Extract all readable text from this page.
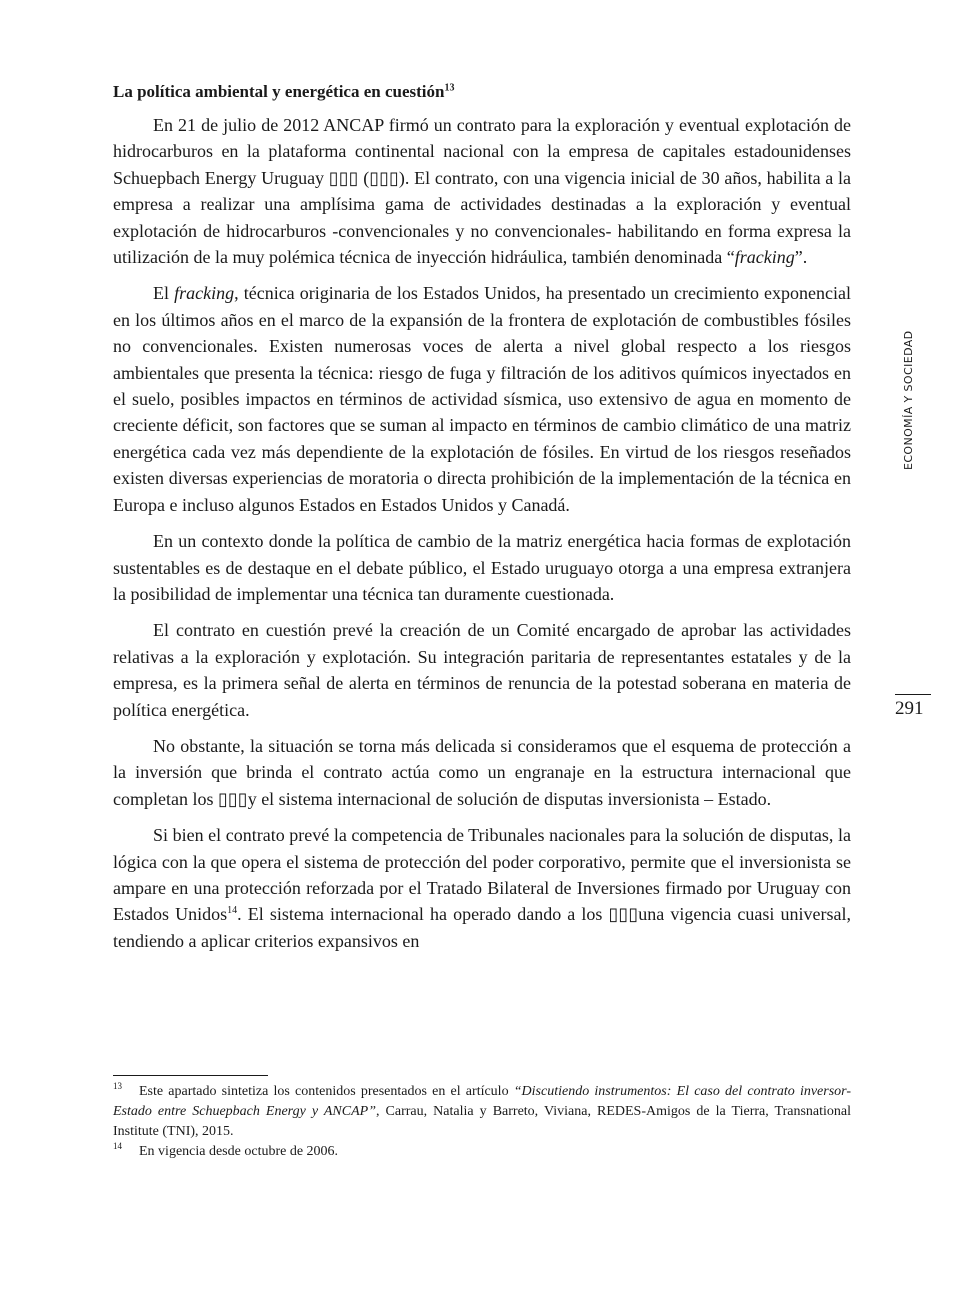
La política ambiental y energética en cuestión$^{13}$

En 21 de julio de 2012 ANCAP firmó un contrato para la exploración y eventual explotación de hidrocarburos en la plataforma continental nacional con la empresa de capitales estadounidenses Schuepbach Energy Uruguay ▯▯▯ (▯▯▯). El contrato, con una vigencia inicial de 30 años, habilita a la empresa a realizar una amplísima gama de actividades destinadas a la exploración y eventual explotación de hidrocarburos -convencionales y no convencionales- habilitando en forma expresa la utilización de la muy polémica técnica de inyección hidráulica, también denominada “fracking”.

El fracking, técnica originaria de los Estados Unidos, ha presentado un crecimiento exponencial en los últimos años en el marco de la expansión de la frontera de explotación de combustibles fósiles no convencionales. Existen numerosas voces de alerta a nivel global respecto a los riesgos ambientales que presenta la técnica: riesgo de fuga y filtración de los aditivos químicos inyectados en el suelo, posibles impactos en términos de actividad sísmica, uso extensivo de agua en momento de creciente déficit, son factores que se suman al impacto en términos de cambio climático de una matriz energética cada vez más dependiente de la explotación de fósiles. En virtud de los riesgos reseñados existen diversas experiencias de moratoria o directa prohibición de la implementación de la técnica en Europa e incluso algunos Estados en Estados Unidos y Canadá.

En un contexto donde la política de cambio de la matriz energética hacia formas de explotación sustentables es de destaque en el debate público, el Estado uruguayo otorga a una empresa extranjera la posibilidad de implementar una técnica tan duramente cuestionada.

El contrato en cuestión prevé la creación de un Comité encargado de aprobar las actividades relativas a la exploración y explotación. Su integración paritaria de representantes estatales y de la empresa, es la primera señal de alerta en términos de renuncia de la potestad soberana en materia de política energética.

No obstante, la situación se torna más delicada si consideramos que el esquema de protección a la inversión que brinda el contrato actúa como un engranaje en la estructura internacional que completan los ▯▯▯y el sistema internacional de solución de disputas inversionista – Estado.

Si bien el contrato prevé la competencia de Tribunales nacionales para la solución de disputas, la lógica con la que opera el sistema de protección del poder corporativo, permite que el inversionista se ampare en una protección reforzada por el Tratado Bilateral de Inversiones firmado por Uruguay con Estados Unidos$^{14}$. El sistema internacional ha operado dando a los ▯▯▯una vigencia cuasi universal, tendiendo a aplicar criterios expansivos en

13 Este apartado sintetiza los contenidos presentados en el artículo “Discutiendo instrumentos: El caso del contrato inversor-Estado entre Schuepbach Energy y ANCAP”, Carrau, Natalia y Barreto, Viviana, REDES-Amigos de la Tierra, Transnational Institute (TNI), 2015.

14 En vigencia desde octubre de 2006.

ECONOMÍA Y SOCIEDAD
291
